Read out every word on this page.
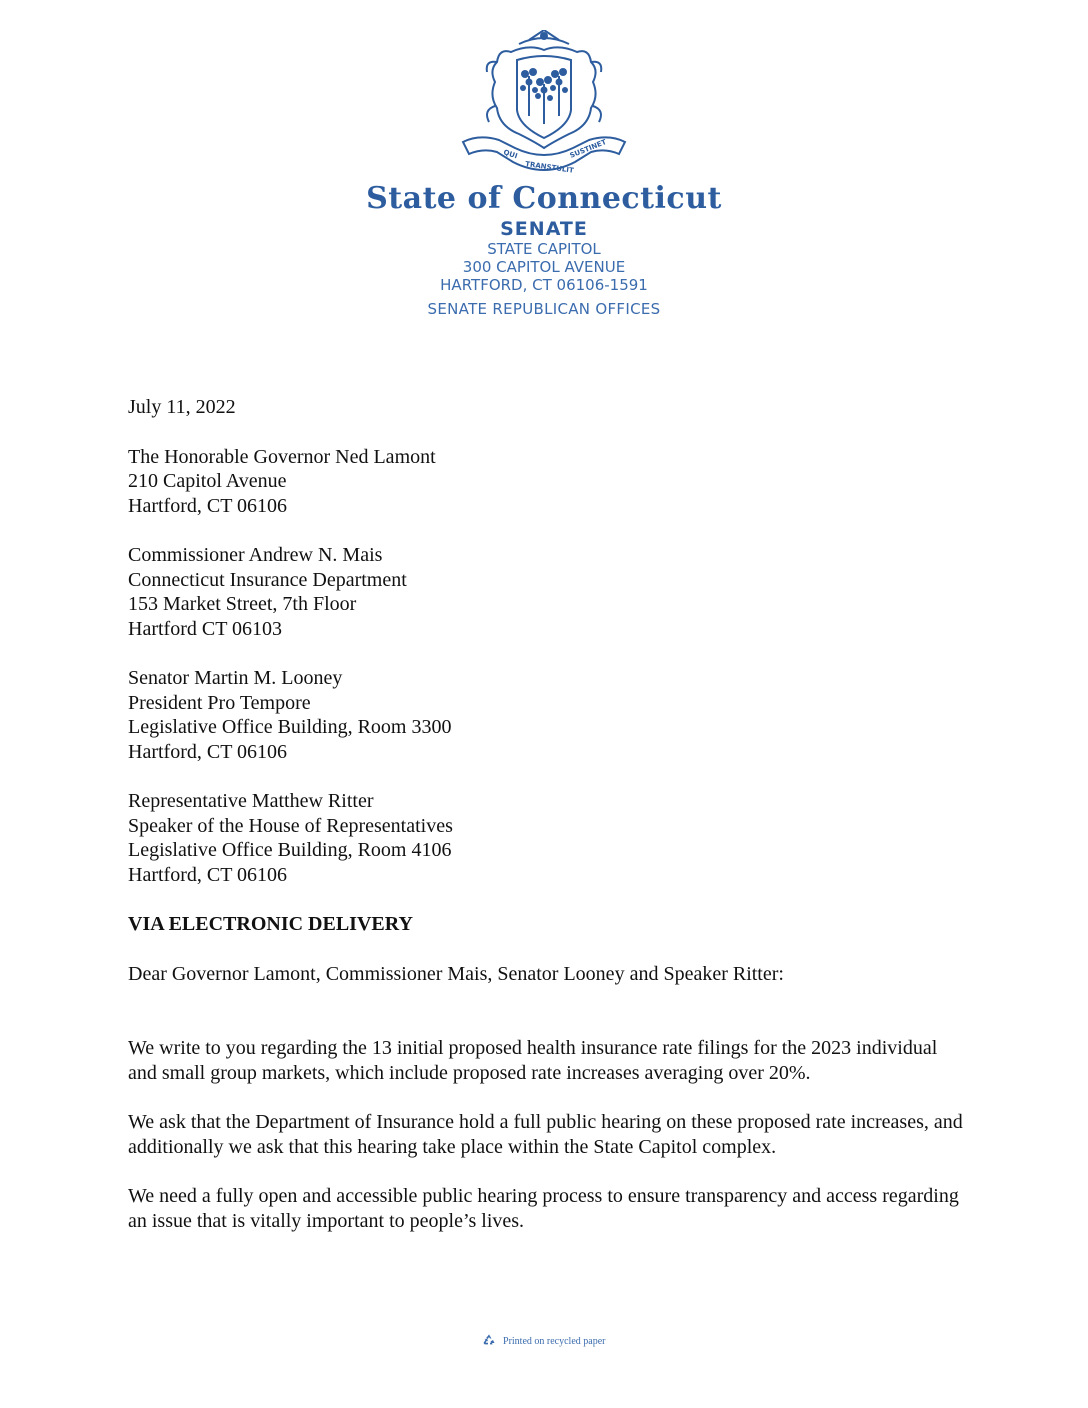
QUI
TRANSTULIT
SUSTINET
State of Connecticut
SENATE
STATE CAPITOL
300 CAPITOL AVENUE
HARTFORD, CT 06106-1591
SENATE REPUBLICAN OFFICES
July 11, 2022
The Honorable Governor Ned Lamont
210 Capitol Avenue
Hartford, CT 06106
Commissioner Andrew N. Mais
Connecticut Insurance Department
153 Market Street, 7th Floor
Hartford CT 06103
Senator Martin M. Looney
President Pro Tempore
Legislative Office Building, Room 3300
Hartford, CT 06106
Representative Matthew Ritter
Speaker of the House of Representatives
Legislative Office Building, Room 4106
Hartford, CT 06106
VIA ELECTRONIC DELIVERY
Dear Governor Lamont, Commissioner Mais, Senator Looney and Speaker Ritter:
We write to you regarding the 13 initial proposed health insurance rate filings for the 2023 individual and small group markets, which include proposed rate increases averaging over 20%.
We ask that the Department of Insurance hold a full public hearing on these proposed rate increases, and additionally we ask that this hearing take place within the State Capitol complex.
We need a fully open and accessible public hearing process to ensure transparency and access regarding an issue that is vitally important to people’s lives.
Printed on recycled paper
